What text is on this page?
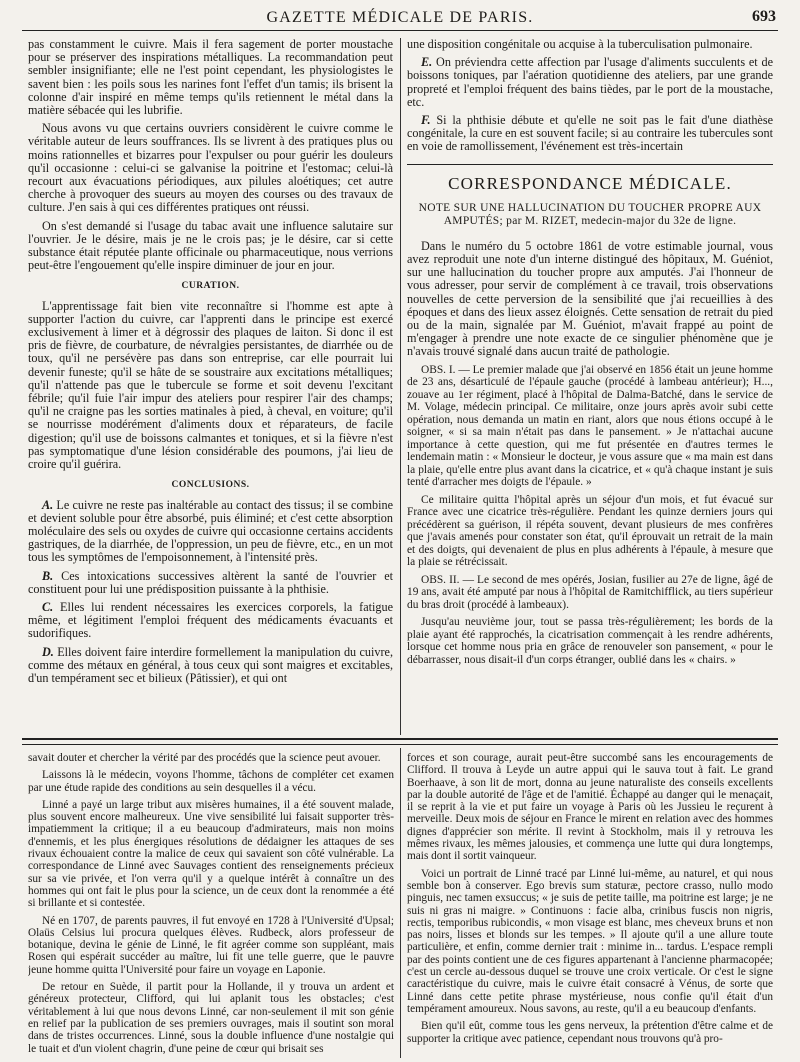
GAZETTE MÉDICALE DE PARIS.	693

pas constamment le cuivre. Mais il fera sagement de porter moustache pour se préserver des inspirations métalliques. La recommandation peut sembler insignifiante; elle ne l'est point cependant, les physiologistes le savent bien : les poils sous les narines font l'effet d'un tamis; ils brisent la colonne d'air inspiré en même temps qu'ils retiennent le métal dans la matière sébacée qui les lubrifie.

Nous avons vu que certains ouvriers considèrent le cuivre comme le véritable auteur de leurs souffrances. Ils se livrent à des pratiques plus ou moins rationnelles et bizarres pour l'expulser ou pour guérir les douleurs qu'il occasionne : celui-ci se galvanise la poitrine et l'estomac; celui-là recourt aux évacuations périodiques, aux pilules aloétiques; cet autre cherche à provoquer des sueurs au moyen des courses ou des travaux de culture. J'en sais à qui ces différentes pratiques ont réussi.

On s'est demandé si l'usage du tabac avait une influence salutaire sur l'ouvrier. Je le désire, mais je ne le crois pas; je le désire, car si cette substance était réputée plante officinale ou pharmaceutique, nous verrions peut-être l'engouement qu'elle inspire diminuer de jour en jour.

CURATION.

L'apprentissage fait bien vite reconnaître si l'homme est apte à supporter l'action du cuivre, car l'apprenti dans le principe est exercé exclusivement à limer et à dégrossir des plaques de laiton. Si donc il est pris de fièvre, de courbature, de névralgies persistantes, de diarrhée ou de toux, qu'il ne persévère pas dans son entreprise, car elle pourrait lui devenir funeste; qu'il se hâte de se soustraire aux excitations métalliques; qu'il n'attende pas que le tubercule se forme et soit devenu l'excitant fébrile; qu'il fuie l'air impur des ateliers pour respirer l'air des champs; qu'il ne craigne pas les sorties matinales à pied, à cheval, en voiture; qu'il se nourrisse modérément d'aliments doux et réparateurs, de facile digestion; qu'il use de boissons calmantes et toniques, et si la fièvre n'est pas symptomatique d'une lésion considérable des poumons, j'ai lieu de croire qu'il guérira.

CONCLUSIONS.

A. Le cuivre ne reste pas inaltérable au contact des tissus; il se combine et devient soluble pour être absorbé, puis éliminé; et c'est cette absorption moléculaire des sels ou oxydes de cuivre qui occasionne certains accidents gastriques, de la diarrhée, de l'oppression, un peu de fièvre, etc., en un mot tous les symptômes de l'empoisonnement, à l'intensité près.

B. Ces intoxications successives altèrent la santé de l'ouvrier et constituent pour lui une prédisposition puissante à la phthisie.

C. Elles lui rendent nécessaires les exercices corporels, la fatigue même, et légitiment l'emploi fréquent des médicaments évacuants et sudorifiques.

D. Elles doivent faire interdire formellement la manipulation du cuivre, comme des métaux en général, à tous ceux qui sont maigres et excitables, d'un tempérament sec et bilieux (Pâtissier), et qui ont

une disposition congénitale ou acquise à la tuberculisation pulmonaire.

E. On préviendra cette affection par l'usage d'aliments succulents et de boissons toniques, par l'aération quotidienne des ateliers, par une grande propreté et l'emploi fréquent des bains tièdes, par le port de la moustache, etc.

F. Si la phthisie débute et qu'elle ne soit pas le fait d'une diathèse congénitale, la cure en est souvent facile; si au contraire les tubercules sont en voie de ramollissement, l'événement est très-incertain

CORRESPONDANCE MÉDICALE.
NOTE SUR UNE HALLUCINATION DU TOUCHER PROPRE AUX AMPUTÉS; par M. RIZET, medecin-major du 32e de ligne.

Dans le numéro du 5 octobre 1861 de votre estimable journal, vous avez reproduit une note d'un interne distingué des hôpitaux, M. Guéniot, sur une hallucination du toucher propre aux amputés. J'ai l'honneur de vous adresser, pour servir de complément à ce travail, trois observations nouvelles de cette perversion de la sensibilité que j'ai recueillies à des époques et dans des lieux assez éloignés. Cette sensation de retrait du pied ou de la main, signalée par M. Guéniot, m'avait frappé au point de m'engager à prendre une note exacte de ce singulier phénomène que je n'avais trouvé signalé dans aucun traité de pathologie.

OBS. I. — Le premier malade que j'ai observé en 1856 était un jeune homme de 23 ans, désarticulé de l'épaule gauche (procédé à lambeau antérieur); H..., zouave au 1er régiment, placé à l'hôpital de Dalma-Batché, dans le service de M. Volage, médecin principal. Ce militaire, onze jours après avoir subi cette opération, nous demanda un matin en riant, alors que nous étions occupé à le soigner, « si sa main n'était pas dans le pansement. » Je n'attachai aucune importance à cette question, qui me fut présentée en d'autres termes le lendemain matin : « Monsieur le docteur, je vous assure que « ma main est dans la plaie, qu'elle entre plus avant dans la cicatrice, et « qu'à chaque instant je suis tenté d'arracher mes doigts de l'épaule. »

Ce militaire quitta l'hôpital après un séjour d'un mois, et fut évacué sur France avec une cicatrice très-régulière. Pendant les quinze derniers jours qui précédèrent sa guérison, il répéta souvent, devant plusieurs de mes confrères que j'avais amenés pour constater son état, qu'il éprouvait un retrait de la main et des doigts, qui devenaient de plus en plus adhérents à l'épaule, à mesure que la plaie se rétrécissait.

OBS. II. — Le second de mes opérés, Josian, fusilier au 27e de ligne, âgé de 19 ans, avait été amputé par nous à l'hôpital de Ramitchifflick, au tiers supérieur du bras droit (procédé à lambeaux).

Jusqu'au neuvième jour, tout se passa très-régulièrement; les bords de la plaie ayant été rapprochés, la cicatrisation commençait à les rendre adhérents, lorsque cet homme nous pria en grâce de renouveler son pansement, « pour le débarrasser, nous disait-il d'un corps étranger, oublié dans les « chairs. »

savait douter et chercher la vérité par des procédés que la science peut avouer.

Laissons là le médecin, voyons l'homme, tâchons de compléter cet examen par une étude rapide des conditions au sein desquelles il a vécu.

Linné a payé un large tribut aux misères humaines, il a été souvent malade, plus souvent encore malheureux. Une vive sensibilité lui faisait supporter très-impatiemment la critique; il a eu beaucoup d'admirateurs, mais non moins d'ennemis, et les plus énergiques résolutions de dédaigner les attaques de ses rivaux échouaient contre la malice de ceux qui savaient son côté vulnérable. La correspondance de Linné avec Sauvages contient des renseignements précieux sur sa vie privée, et l'on verra qu'il y a quelque intérêt à connaître un des hommes qui ont fait le plus pour la science, un de ceux dont la renommée a été si brillante et si contestée.

Né en 1707, de parents pauvres, il fut envoyé en 1728 à l'Université d'Upsal; Olaüs Celsius lui procura quelques élèves. Rudbeck, alors professeur de botanique, devina le génie de Linné, le fit agréer comme son suppléant, mais Rosen qui espérait succéder au maître, lui fit une telle guerre, que le pauvre jeune homme quitta l'Université pour faire un voyage en Laponie.

De retour en Suède, il partit pour la Hollande, il y trouva un ardent et généreux protecteur, Clifford, qui lui aplanit tous les obstacles; c'est véritablement à lui que nous devons Linné, car non-seulement il mit son génie en relief par la publication de ses premiers ouvrages, mais il soutint son moral dans de tristes occurrences. Linné, sous la double influence d'une nostalgie qui le tuait et d'un violent chagrin, d'une peine de cœur qui brisait ses

forces et son courage, aurait peut-être succombé sans les encouragements de Clifford. Il trouva à Leyde un autre appui qui le sauva tout à fait. Le grand Boerhaave, à son lit de mort, donna au jeune naturaliste des conseils excellents par la double autorité de l'âge et de l'amitié. Échappé au danger qui le menaçait, il se reprit à la vie et put faire un voyage à Paris où les Jussieu le reçurent à merveille. Deux mois de séjour en France le mirent en relation avec des hommes dignes d'apprécier son mérite. Il revint à Stockholm, mais il y retrouva les mêmes rivaux, les mêmes jalousies, et commença une lutte qui dura longtemps, mais dont il sortit vainqueur.

Voici un portrait de Linné tracé par Linné lui-même, au naturel, et qui nous semble bon à conserver. Ego brevis sum staturæ, pectore crasso, nullo modo pinguis, nec tamen exsuccus; « je suis de petite taille, ma poitrine est large; je ne suis ni gras ni maigre. » Continuons : facie alba, crinibus fuscis non nigris, rectis, temporibus rubicondis, « mon visage est blanc, mes cheveux bruns et non pas noirs, lisses et blonds sur les tempes. » Il ajoute qu'il a une allure toute particulière, et enfin, comme dernier trait : minime in... tardus. L'espace rempli par des points contient une de ces figures appartenant à l'ancienne pharmacopée; c'est un cercle au-dessous duquel se trouve une croix verticale. Or c'est le signe caractéristique du cuivre, mais le cuivre était consacré à Vénus, de sorte que Linné dans cette petite phrase mystérieuse, nous confie qu'il était d'un tempérament amoureux. Nous savons, au reste, qu'il a eu beaucoup d'enfants.

Bien qu'il eût, comme tous les gens nerveux, la prétention d'être calme et de supporter la critique avec patience, cependant nous trouvons qu'à pro-
